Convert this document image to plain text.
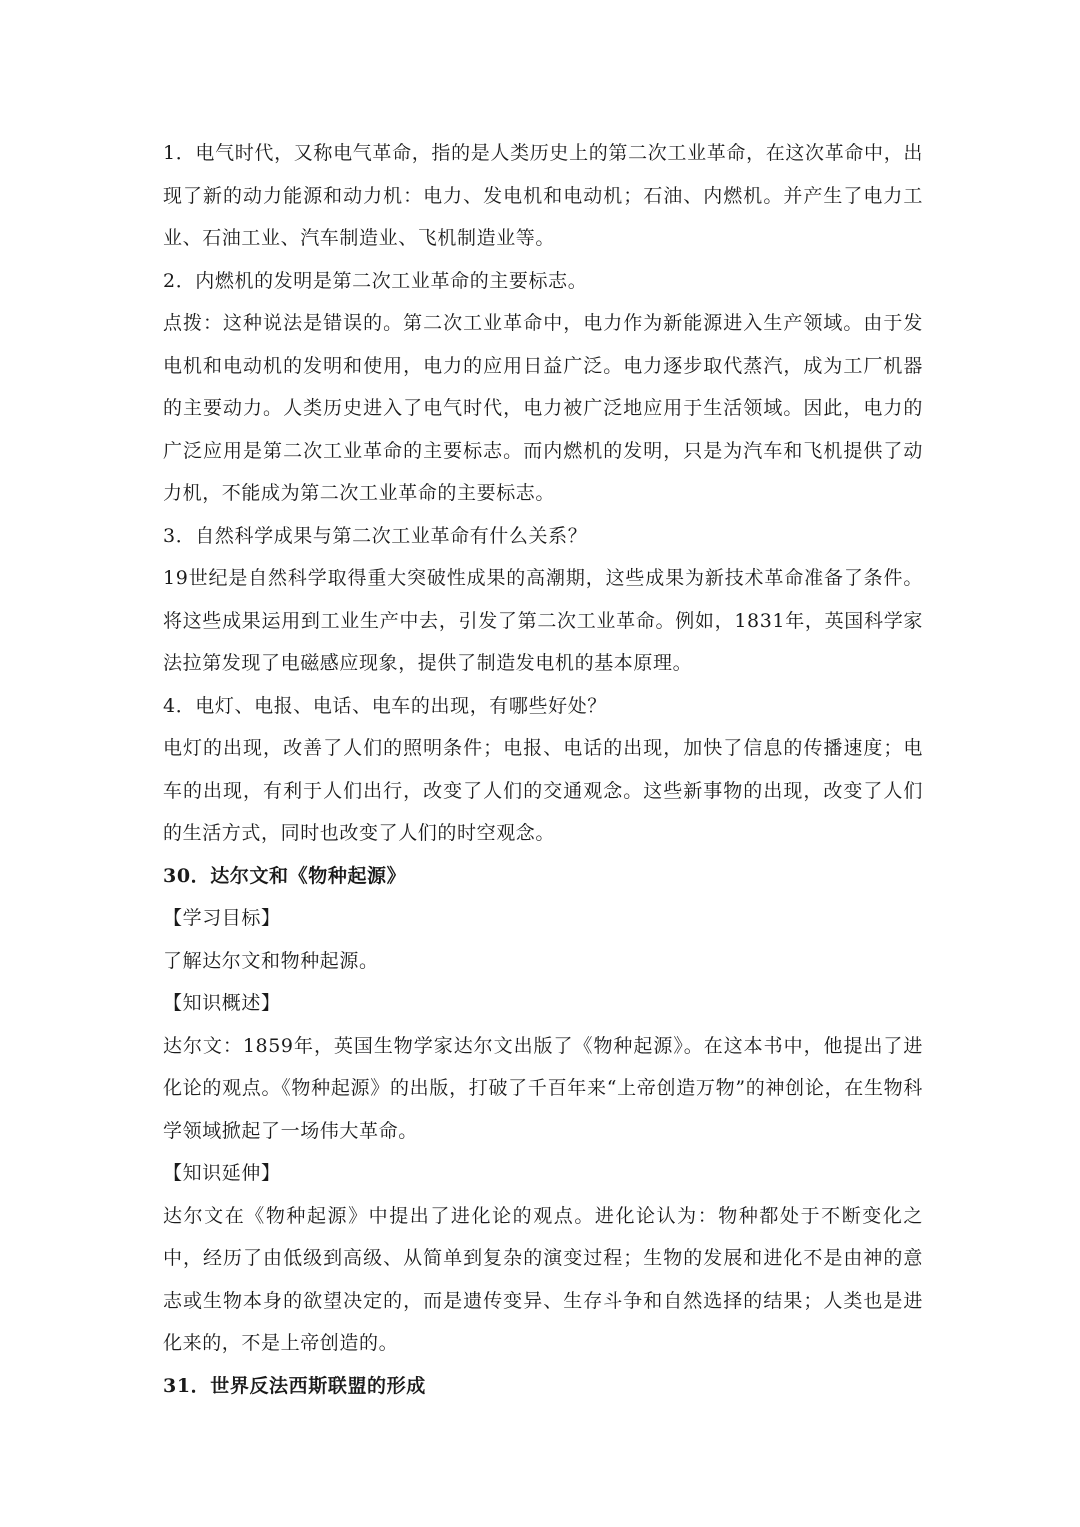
1．电气时代，又称电气革命，指的是人类历史上的第二次工业革命，在这次革命中，出现了新的动力能源和动力机：电力、发电机和电动机；石油、内燃机。并产生了电力工业、石油工业、汽车制造业、飞机制造业等。

2．内燃机的发明是第二次工业革命的主要标志。

点拨：这种说法是错误的。第二次工业革命中，电力作为新能源进入生产领域。由于发电机和电动机的发明和使用，电力的应用日益广泛。电力逐步取代蒸汽，成为工厂机器的主要动力。人类历史进入了电气时代，电力被广泛地应用于生活领域。因此，电力的广泛应用是第二次工业革命的主要标志。而内燃机的发明，只是为汽车和飞机提供了动力机，不能成为第二次工业革命的主要标志。

3．自然科学成果与第二次工业革命有什么关系？

19世纪是自然科学取得重大突破性成果的高潮期，这些成果为新技术革命准备了条件。将这些成果运用到工业生产中去，引发了第二次工业革命。例如，1831年，英国科学家法拉第发现了电磁感应现象，提供了制造发电机的基本原理。

4．电灯、电报、电话、电车的出现，有哪些好处？

电灯的出现，改善了人们的照明条件；电报、电话的出现，加快了信息的传播速度；电车的出现，有利于人们出行，改变了人们的交通观念。这些新事物的出现，改变了人们的生活方式，同时也改变了人们的时空观念。

30．达尔文和《物种起源》

【学习目标】

了解达尔文和物种起源。

【知识概述】

达尔文：1859年，英国生物学家达尔文出版了《物种起源》。在这本书中，他提出了进化论的观点。《物种起源》的出版，打破了千百年来“上帝创造万物”的神创论，在生物科学领域掀起了一场伟大革命。

【知识延伸】

达尔文在《物种起源》中提出了进化论的观点。进化论认为：物种都处于不断变化之中，经历了由低级到高级、从简单到复杂的演变过程；生物的发展和进化不是由神的意志或生物本身的欲望决定的，而是遗传变异、生存斗争和自然选择的结果；人类也是进化来的，不是上帝创造的。

31．世界反法西斯联盟的形成
